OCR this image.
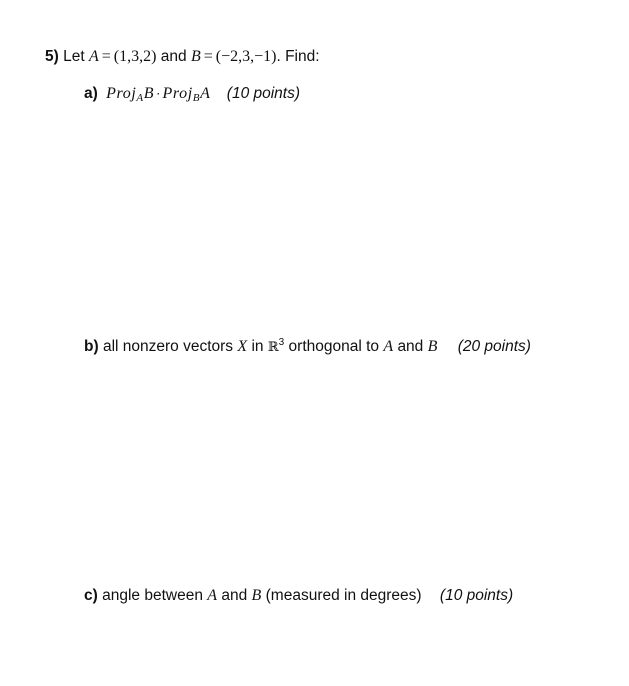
5) Let A = (1,3,2) and B = (−2,3,−1). Find:
a) Proj$_A$B · Proj$_B$A (10 points)
b) all nonzero vectors X in ℝ$^3$ orthogonal to A and B (20 points)
c) angle between A and B (measured in degrees) (10 points)
